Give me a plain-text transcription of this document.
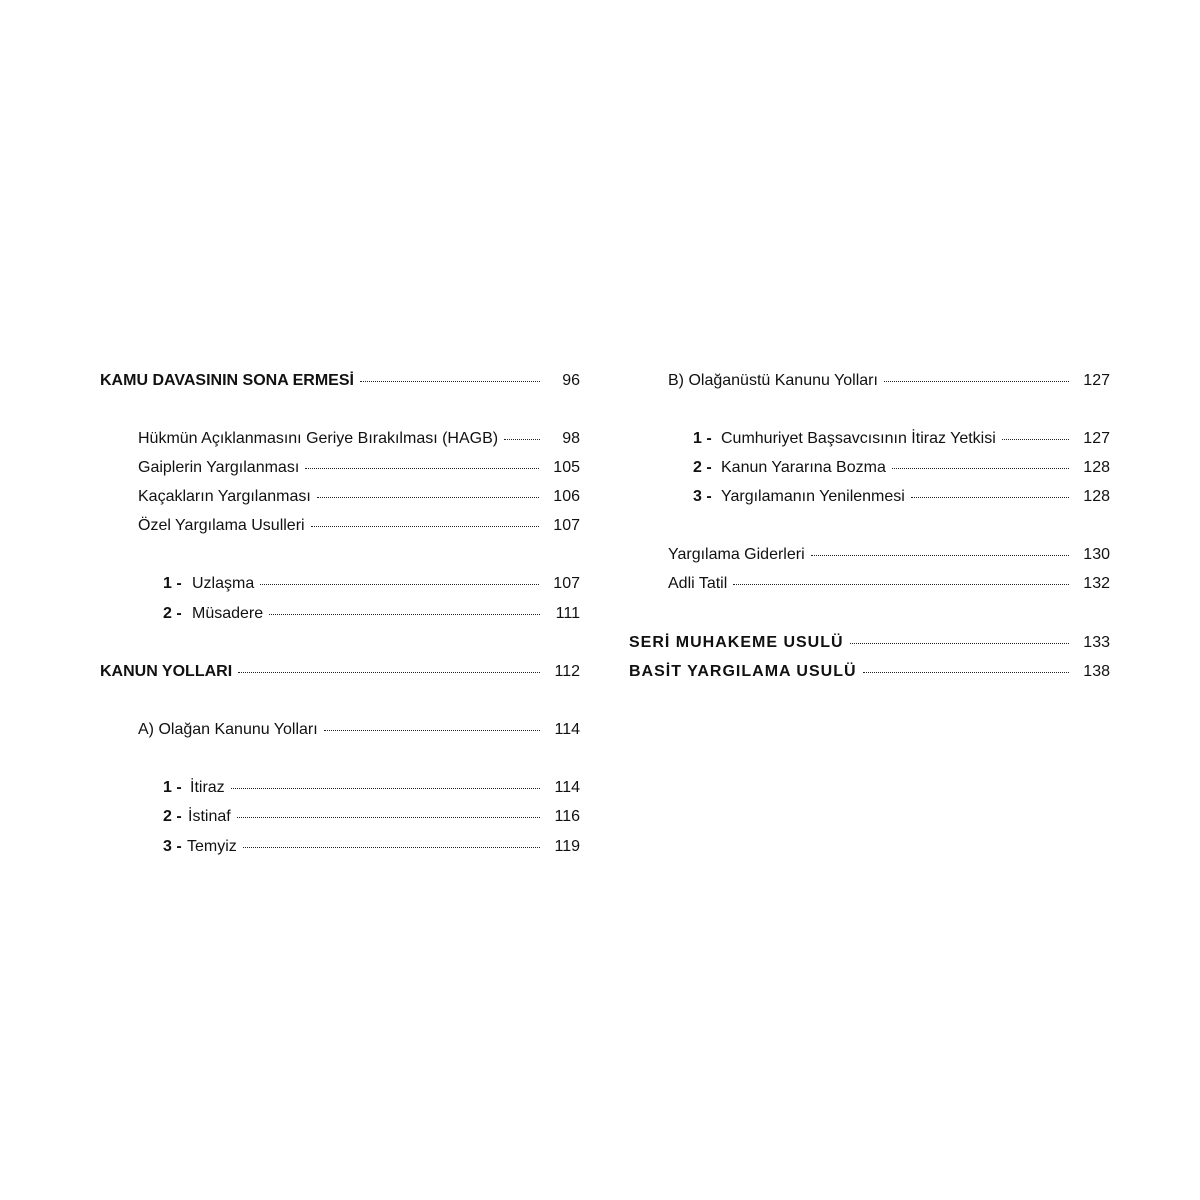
KAMU DAVASININ SONA ERMESİ	96
Hükmün Açıklanmasını Geriye Bırakılması (HAGB)	98
Gaiplerin Yargılanması	105
Kaçakların Yargılanması	106
Özel Yargılama Usulleri	107
1 - Uzlaşma	107
2 - Müsadere	111
KANUN YOLLARI	112
A) Olağan Kanunu Yolları	114
1 - İtiraz	114
2 - İstinaf	116
3 - Temyiz	119
B) Olağanüstü Kanunu Yolları	127
1 - Cumhuriyet Başsavcısının İtiraz Yetkisi	127
2 - Kanun Yararına Bozma	128
3 - Yargılamanın Yenilenmesi	128
Yargılama Giderleri	130
Adli Tatil	132
SERİ MUHAKEME USULÜ	133
BASİT YARGILAMA USULÜ	138
